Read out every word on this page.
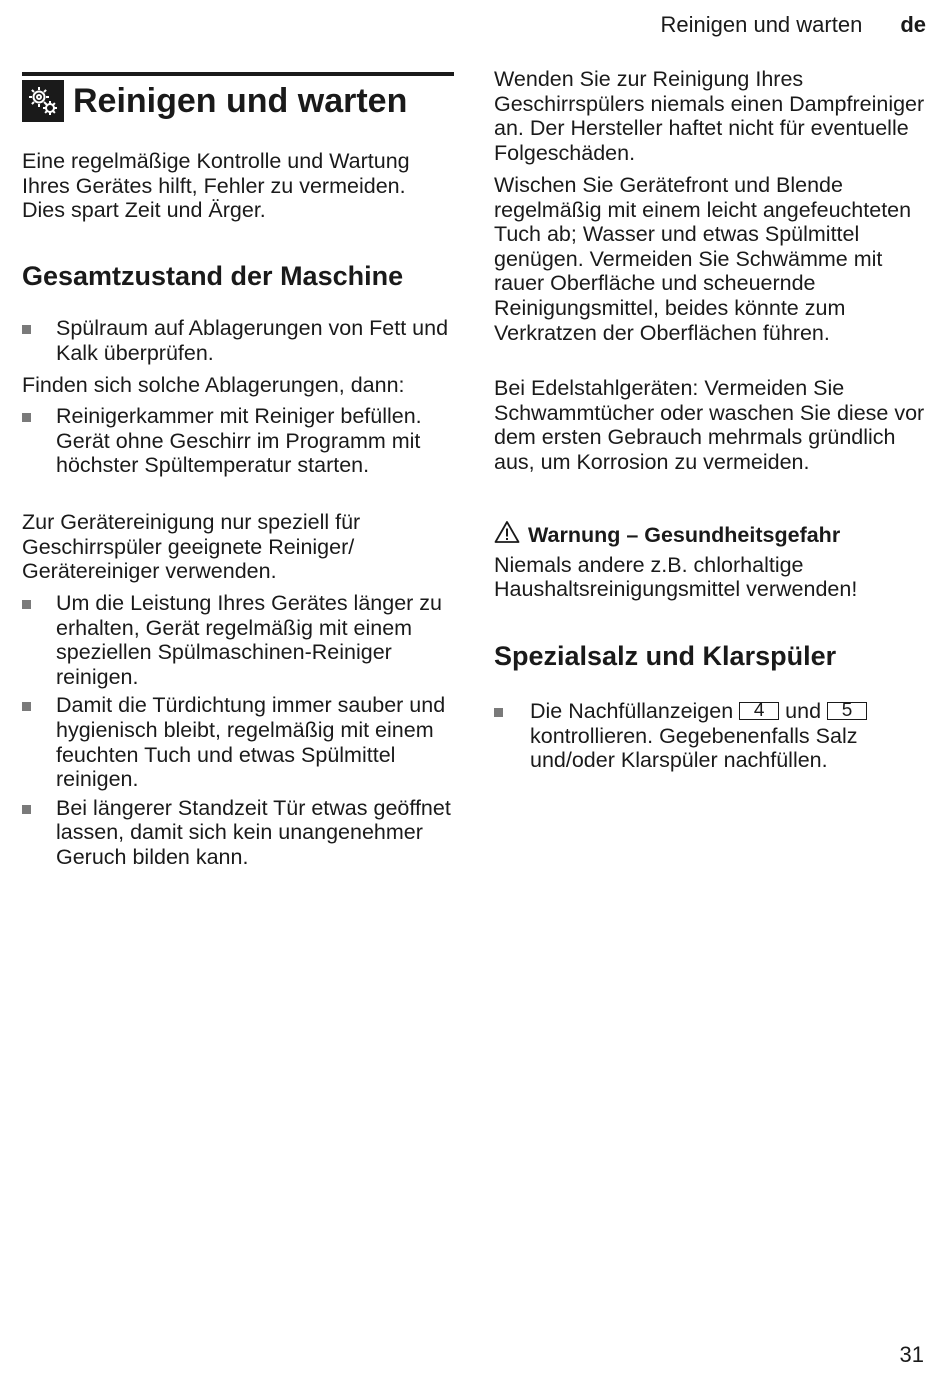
Reinigen und warten de
Reinigen und warten

Eine regelmäßige Kontrolle und Wartung Ihres Gerätes hilft, Fehler zu vermeiden. Dies spart Zeit und Ärger.

Gesamtzustand der Maschine
Spülraum auf Ablagerungen von Fett und Kalk überprüfen.

Finden sich solche Ablagerungen, dann:

Reinigerkammer mit Reiniger befüllen. Gerät ohne Geschirr im Programm mit höchster Spültemperatur starten.

Zur Gerätereinigung nur speziell für Geschirrspüler geeignete Reiniger/ Gerätereiniger verwenden.

Um die Leistung Ihres Gerätes länger zu erhalten, Gerät regelmäßig mit einem speziellen Spülmaschinen-Reiniger reinigen.
Damit die Türdichtung immer sauber und hygienisch bleibt, regelmäßig mit einem feuchten Tuch und etwas Spülmittel reinigen.
Bei längerer Standzeit Tür etwas geöffnet lassen, damit sich kein unangenehmer Geruch bilden kann.

Wenden Sie zur Reinigung Ihres Geschirrspülers niemals einen Dampfreiniger an. Der Hersteller haftet nicht für eventuelle Folgeschäden.

Wischen Sie Gerätefront und Blende regelmäßig mit einem leicht angefeuchteten Tuch ab; Wasser und etwas Spülmittel genügen. Vermeiden Sie Schwämme mit rauer Oberfläche und scheuernde Reinigungsmittel, beides könnte zum Verkratzen der Oberflächen führen.

Bei Edelstahlgeräten: Vermeiden Sie Schwammtücher oder waschen Sie diese vor dem ersten Gebrauch mehrmals gründlich aus, um Korrosion zu vermeiden.

Warnung – Gesundheitsgefahr

Niemals andere z.B. chlorhaltige Haushaltsreinigungsmittel verwenden!

Spezialsalz und Klarspüler
Die Nachfüllanzeigen 4 und 5 kontrollieren. Gegebenenfalls Salz und/oder Klarspüler nachfüllen.
31
